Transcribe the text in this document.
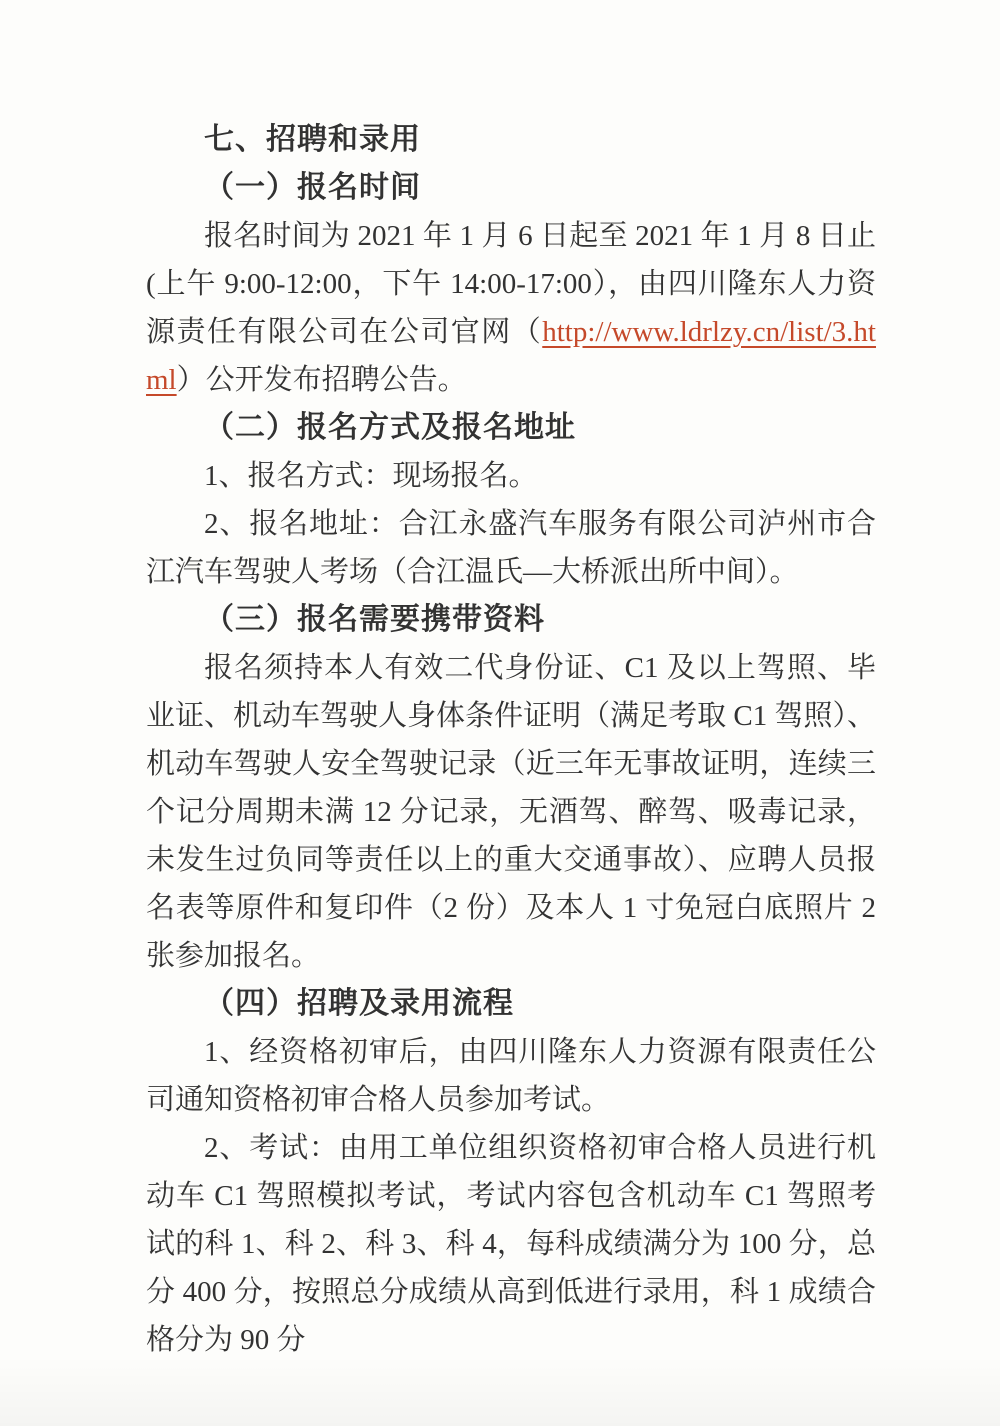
七、招聘和录用
（一）报名时间

报名时间为 2021 年 1 月 6 日起至 2021 年 1 月 8 日止(上午 9:00-12:00，下午 14:00-17:00），由四川隆东人力资源责任有限公司在公司官网（http://www.ldrlzy.cn/list/3.html）公开发布招聘公告。

（二）报名方式及报名地址

1、报名方式：现场报名。

2、报名地址：合江永盛汽车服务有限公司泸州市合江汽车驾驶人考场（合江温氏—大桥派出所中间）。

（三）报名需要携带资料

报名须持本人有效二代身份证、C1 及以上驾照、毕业证、机动车驾驶人身体条件证明（满足考取 C1 驾照）、机动车驾驶人安全驾驶记录（近三年无事故证明，连续三个记分周期未满 12 分记录，无酒驾、醉驾、吸毒记录，未发生过负同等责任以上的重大交通事故）、应聘人员报名表等原件和复印件（2 份）及本人 1 寸免冠白底照片 2 张参加报名。

（四）招聘及录用流程

1、经资格初审后，由四川隆东人力资源有限责任公司通知资格初审合格人员参加考试。

2、考试：由用工单位组织资格初审合格人员进行机动车 C1 驾照模拟考试，考试内容包含机动车 C1 驾照考试的科 1、科 2、科 3、科 4，每科成绩满分为 100 分，总分 400 分，按照总分成绩从高到低进行录用，科 1 成绩合格分为 90 分
